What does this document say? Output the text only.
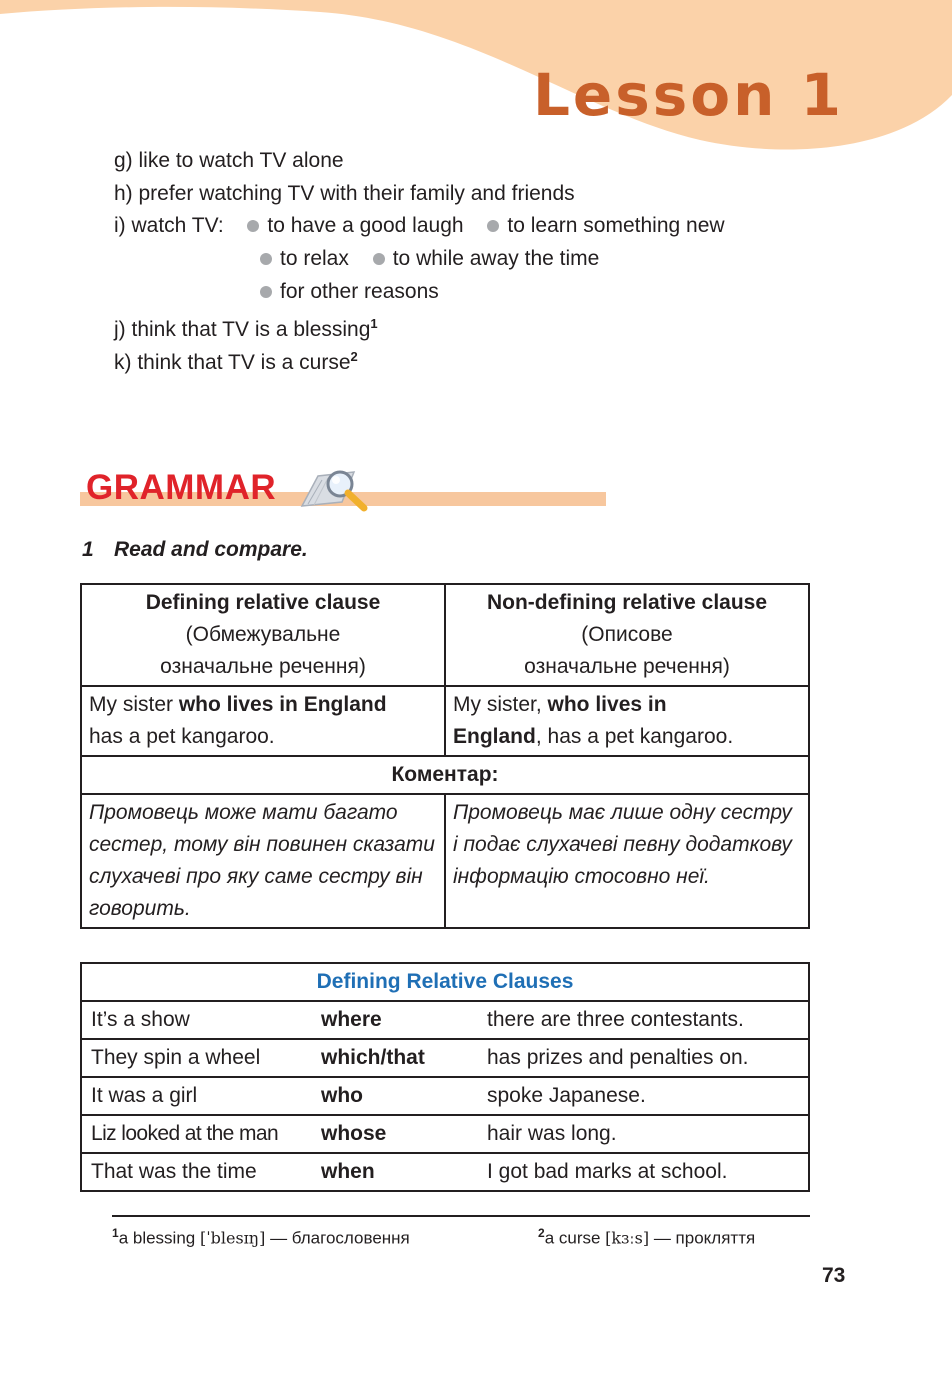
Lesson 1
g) like to watch TV alone
h) prefer watching TV with their family and friends
i) watch TV: to have a good laugh to learn something new
to relax to while away the time
for other reasons
j) think that TV is a blessing$^1$
k) think that TV is a curse$^2$
GRAMMAR
1 Read and compare.
Defining relative clause
(Обмежувальне
означальне речення)	Non-defining relative clause
(Описове
означальне речення)
My sister who lives in England
has a pet kangaroo.	My sister, who lives in
England, has a pet kangaroo.
Коментар:	
Промовець може мати багато сестер, тому він повинен сказати слухачеві про яку саме сестру він говорить.	Промовець має лише одну сестру і подає слухачеві певну додаткову інформацію стосовно неї.
Defining Relative Clauses		
It’s a show	where	there are three contestants.
They spin a wheel	which/that	has prizes and penalties on.
It was a girl	who	spoke Japanese.
Liz looked at the man	whose	hair was long.
That was the time	when	I got bad marks at school.
$^1$a blessing [ˈblesɪŋ] — благословення	$^2$a curse [kɜːs] — прокляття
73
